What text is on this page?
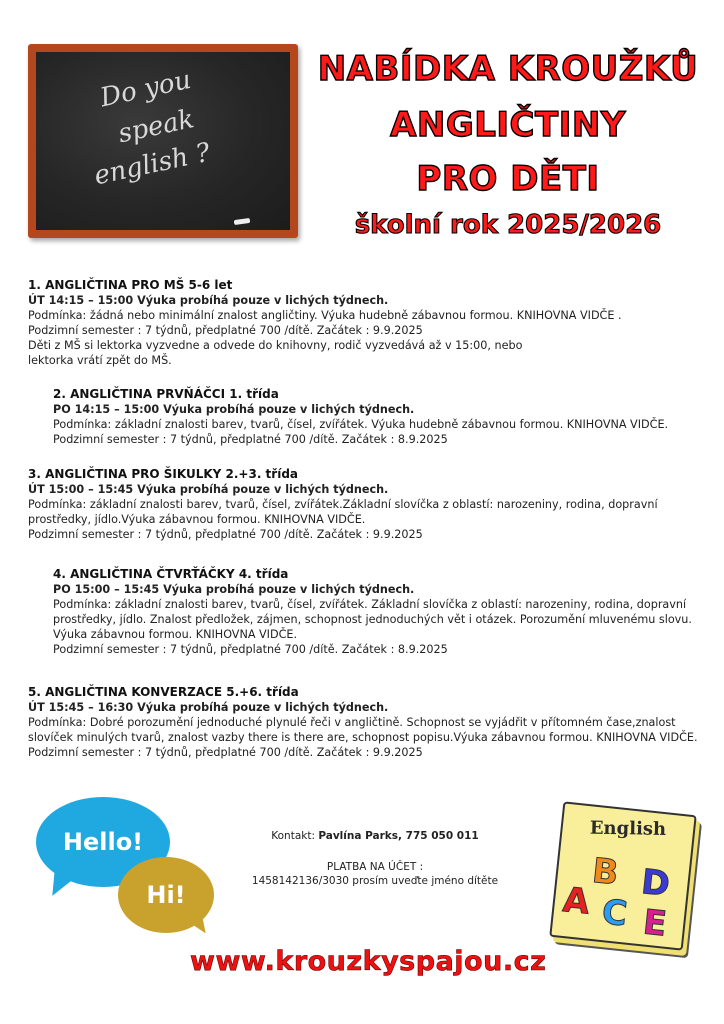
Do you
speak
english ?
NABÍDKA KROUŽKŮ
ANGLIČTINY
PRO DĚTI
školní rok 2025/2026

1. ANGLIČTINA PRO MŠ 5-6 let

ÚT 14:15 – 15:00 Výuka probíhá pouze v lichých týdnech.

Podmínka: žádná nebo minimální znalost angličtiny. Výuka hudebně zábavnou formou. KNIHOVNA VIDČE .

Podzimní semester : 7 týdnů, předplatné 700 /dítě. Začátek : 9.9.2025

Děti z MŠ si lektorka vyzvedne a odvede do knihovny, rodič vyzvedává až v 15:00, nebo

lektorka vrátí zpět do MŠ.

2. ANGLIČTINA PRVŇÁČCI 1. třída

PO 14:15 – 15:00 Výuka probíhá pouze v lichých týdnech.

Podmínka: základní znalosti barev, tvarů, čísel, zvířátek. Výuka hudebně zábavnou formou. KNIHOVNA VIDČE.

Podzimní semester : 7 týdnů, předplatné 700 /dítě. Začátek : 8.9.2025

3. ANGLIČTINA PRO ŠIKULKY 2.+3. třída

ÚT 15:00 – 15:45 Výuka probíhá pouze v lichých týdnech.

Podmínka: základní znalosti barev, tvarů, čísel, zvířátek.Základní slovíčka z oblastí: narozeniny, rodina, dopravní

prostředky, jídlo.Výuka zábavnou formou. KNIHOVNA VIDČE.

Podzimní semester : 7 týdnů, předplatné 700 /dítě. Začátek : 9.9.2025

4. ANGLIČTINA ČTVRŤÁČKY 4. třída

PO 15:00 – 15:45 Výuka probíhá pouze v lichých týdnech.

Podmínka: základní znalosti barev, tvarů, čísel, zvířátek. Základní slovíčka z oblastí: narozeniny, rodina, dopravní

prostředky, jídlo. Znalost předložek, zájmen, schopnost jednoduchých vět i otázek. Porozumění mluvenému slovu.

Výuka zábavnou formou. KNIHOVNA VIDČE.

Podzimní semester : 7 týdnů, předplatné 700 /dítě. Začátek : 8.9.2025

5. ANGLIČTINA KONVERZACE 5.+6. třída

ÚT 15:45 – 16:30 Výuka probíhá pouze v lichých týdnech.

Podmínka: Dobré porozumění jednoduché plynulé řeči v angličtině. Schopnost se vyjádřit v přítomném čase,znalost

slovíček minulých tvarů, znalost vazby there is there are, schopnost popisu.Výuka zábavnou formou. KNIHOVNA VIDČE.

Podzimní semester : 7 týdnů, předplatné 700 /dítě. Začátek : 9.9.2025

Hello!
Hi!
Kontakt: Pavlína Parks, 775 050 011
PLATBA NA ÚČET :
1458142136/3030 prosím uveďte jméno dítěte
English
A
B
C
D
E
www.krouzkyspajou.cz
